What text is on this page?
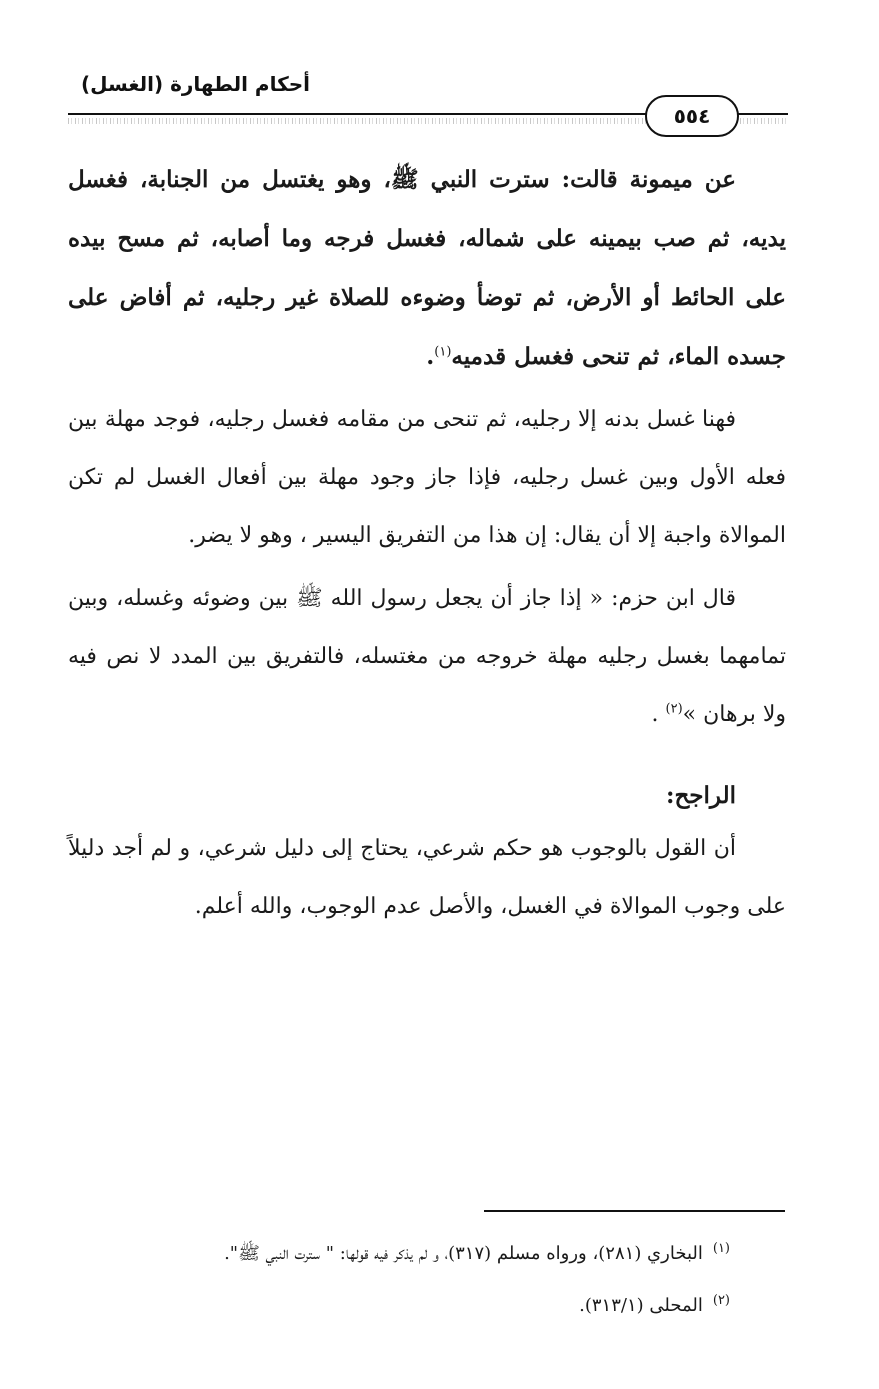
أحكام الطهارة (الغسل)
٥٥٤

عن ميمونة قالت: سترت النبي ﷺ، وهو يغتسل من الجنابة، فغسل يديه، ثم صب بيمينه على شماله، فغسل فرجه وما أصابه، ثم مسح بيده على الحائط أو الأرض، ثم توضأ وضوءه للصلاة غير رجليه، ثم أفاض على جسده الماء، ثم تنحى فغسل قدميه$^{(١)}$.

فهنا غسل بدنه إلا رجليه، ثم تنحى من مقامه فغسل رجليه، فوجد مهلة بين فعله الأول وبين غسل رجليه، فإذا جاز وجود مهلة بين أفعال الغسل لم تكن الموالاة واجبة إلا أن يقال: إن هذا من التفريق اليسير ، وهو لا يضر.

قال ابن حزم: « إذا جاز أن يجعل رسول الله ﷺ بين وضوئه وغسله، وبين تمامهما بغسل رجليه مهلة خروجه من مغتسله، فالتفريق بين المدد لا نص فيه ولا برهان »$^{(٢)}$ .

الراجح:

أن القول بالوجوب هو حكم شرعي، يحتاج إلى دليل شرعي، و لم أجد دليلاً على وجوب الموالاة في الغسل، والأصل عدم الوجوب، والله أعلم.

$^{(١)}$البخاري (٢٨١)، ورواه مسلم (٣١٧)، و لم يذكر فيه قولها: " سترت النبي ﷺ".

$^{(٢)}$المحلى (٣١٣/١).
